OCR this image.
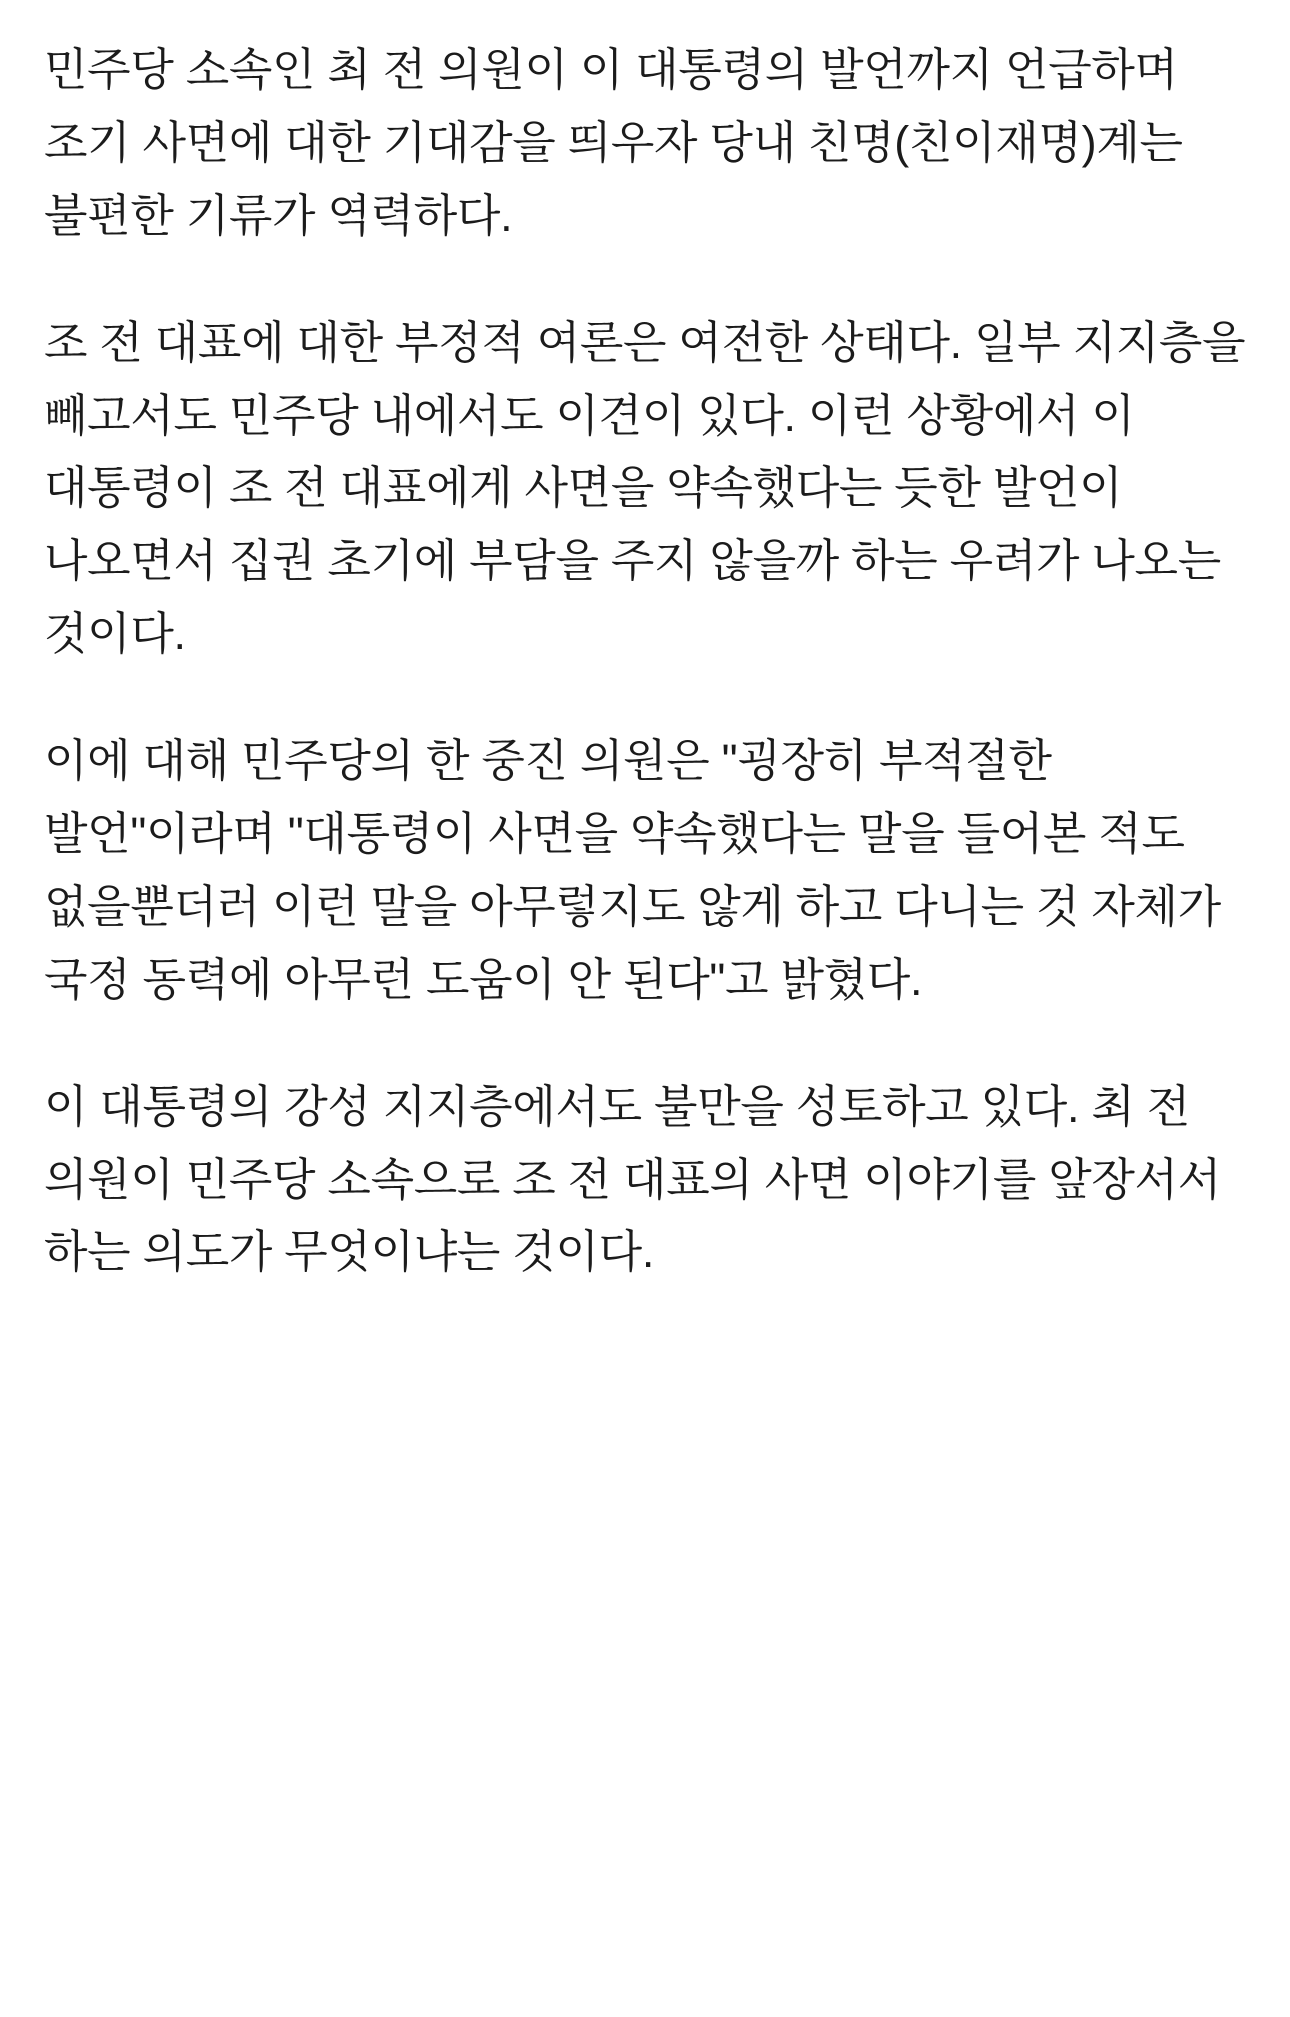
민주당 소속인 최 전 의원이 이 대통령의 발언까지 언급하며 조기 사면에 대한 기대감을 띄우자 당내 친명(친이재명)계는 불편한 기류가 역력하다.

조 전 대표에 대한 부정적 여론은 여전한 상태다. 일부 지지층을 빼고서도 민주당 내에서도 이견이 있다. 이런 상황에서 이 대통령이 조 전 대표에게 사면을 약속했다는 듯한 발언이 나오면서 집권 초기에 부담을 주지 않을까 하는 우려가 나오는 것이다.

이에 대해 민주당의 한 중진 의원은 "굉장히 부적절한 발언"이라며 "대통령이 사면을 약속했다는 말을 들어본 적도 없을뿐더러 이런 말을 아무렇지도 않게 하고 다니는 것 자체가 국정 동력에 아무런 도움이 안 된다"고 밝혔다.

이 대통령의 강성 지지층에서도 불만을 성토하고 있다. 최 전 의원이 민주당 소속으로 조 전 대표의 사면 이야기를 앞장서서 하는 의도가 무엇이냐는 것이다.
